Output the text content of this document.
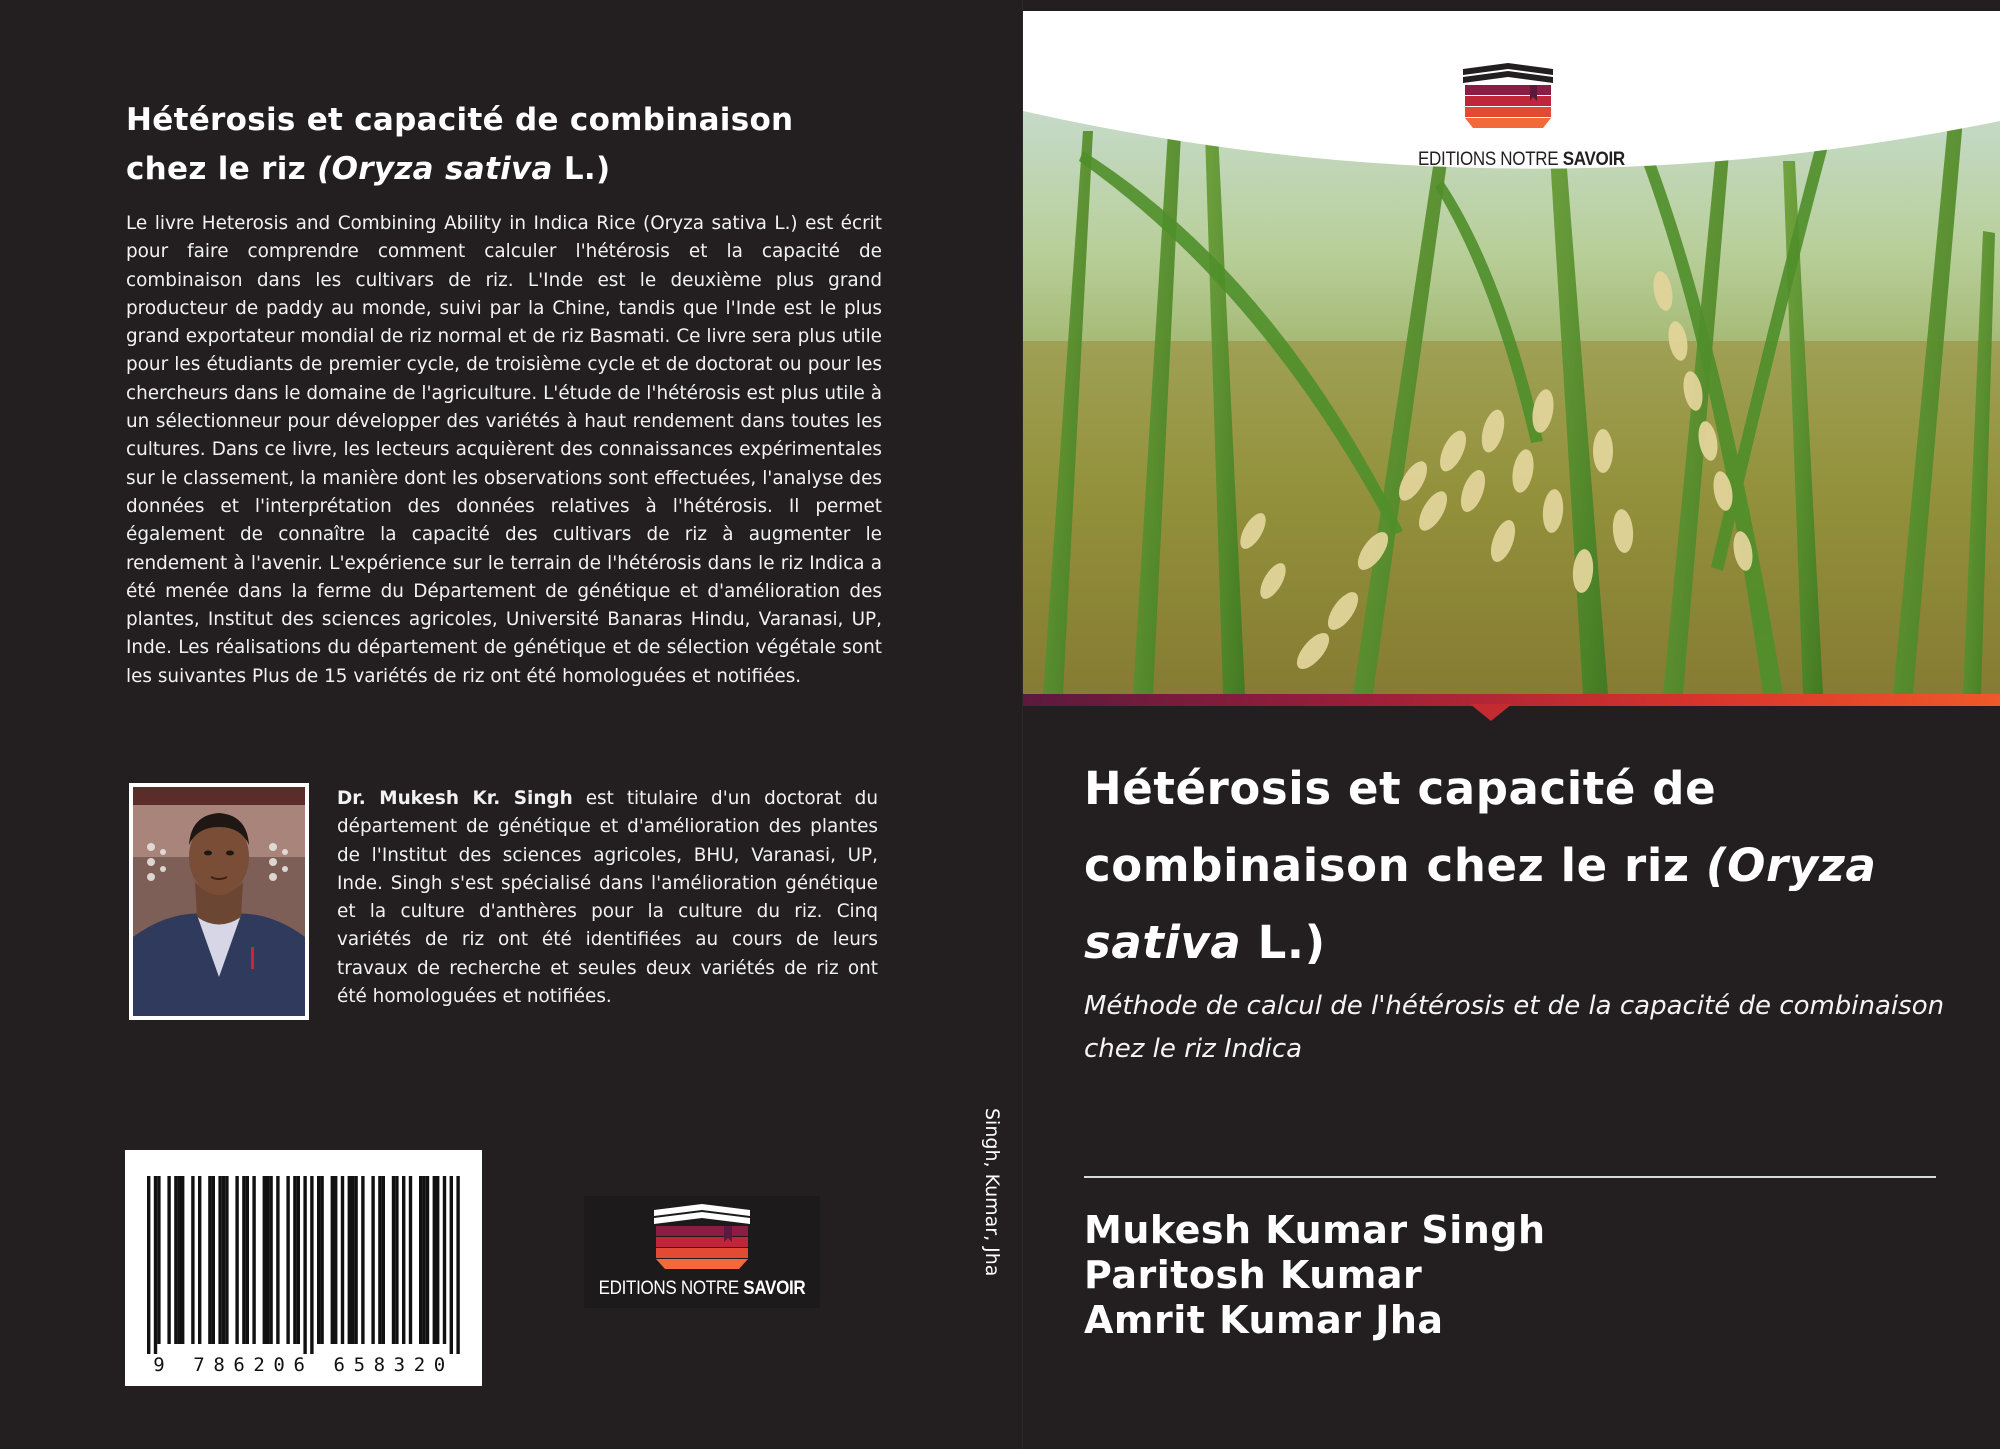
Hétérosis et capacité de combinaison
chez le riz (Oryza sativa L.)
Le livre Heterosis and Combining Ability in Indica Rice (Oryza sativa L.) est écrit pour faire comprendre comment calculer l'hétérosis et la capacité de combinaison dans les cultivars de riz. L'Inde est le deuxième plus grand producteur de paddy au monde, suivi par la Chine, tandis que l'Inde est le plus grand exportateur mondial de riz normal et de riz Basmati. Ce livre sera plus utile pour les étudiants de premier cycle, de troisième cycle et de doctorat ou pour les chercheurs dans le domaine de l'agriculture. L'étude de l'hétérosis est plus utile à un sélectionneur pour développer des variétés à haut rendement dans toutes les cultures. Dans ce livre, les lecteurs acquièrent des connaissances expérimentales sur le classement, la manière dont les observations sont effectuées, l'analyse des données et l'interprétation des données relatives à l'hétérosis. Il permet également de connaître la capacité des cultivars de riz à augmenter le rendement à l'avenir. L'expérience sur le terrain de l'hétérosis dans le riz Indica a été menée dans la ferme du Département de génétique et d'amélioration des plantes, Institut des sciences agricoles, Université Banaras Hindu, Varanasi, UP, Inde. Les réalisations du département de génétique et de sélection végétale sont les suivantes Plus de 15 variétés de riz ont été homologuées et notifiées.
Dr. Mukesh Kr. Singh est titulaire d'un doctorat du département de génétique et d'amélioration des plantes de l'Institut des sciences agricoles, BHU, Varanasi, UP, Inde. Singh s'est spécialisé dans l'amélioration génétique et la culture d'anthères pour la culture du riz. Cinq variétés de riz ont été identifiées au cours de leurs travaux de recherche et seules deux variétés de riz ont été homologuées et notifiées.
9 786206 658320
EDITIONS NOTRE SAVOIR
Singh, Kumar, Jha
EDITIONS NOTRE SAVOIR
Hétérosis et capacité de
combinaison chez le riz (Oryza sativa L.)
Méthode de calcul de l'hétérosis et de la capacité de combinaison chez le riz Indica
Mukesh Kumar Singh
Paritosh Kumar
Amrit Kumar Jha
